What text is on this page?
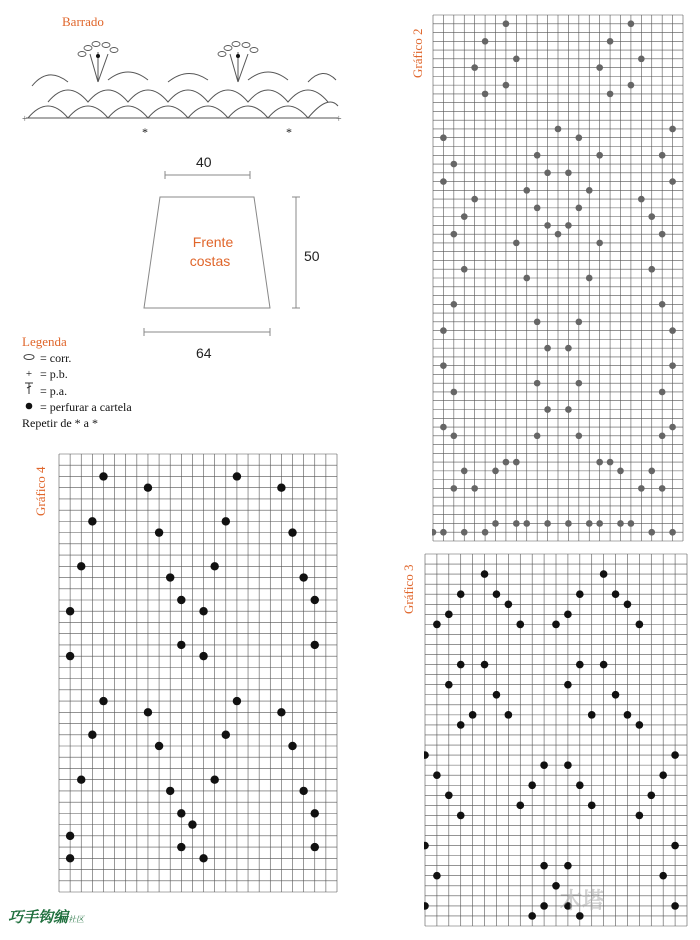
Barrado
*	*
+	+
40
50
64
Frente
costas
Legenda
= corr.
+ = p.b.
= p.a.
= perfurar a cartela
Repetir de * a *
Gráfico 2
Gráfico 3
Gráfico 4
巧手钩编社区
木塔
